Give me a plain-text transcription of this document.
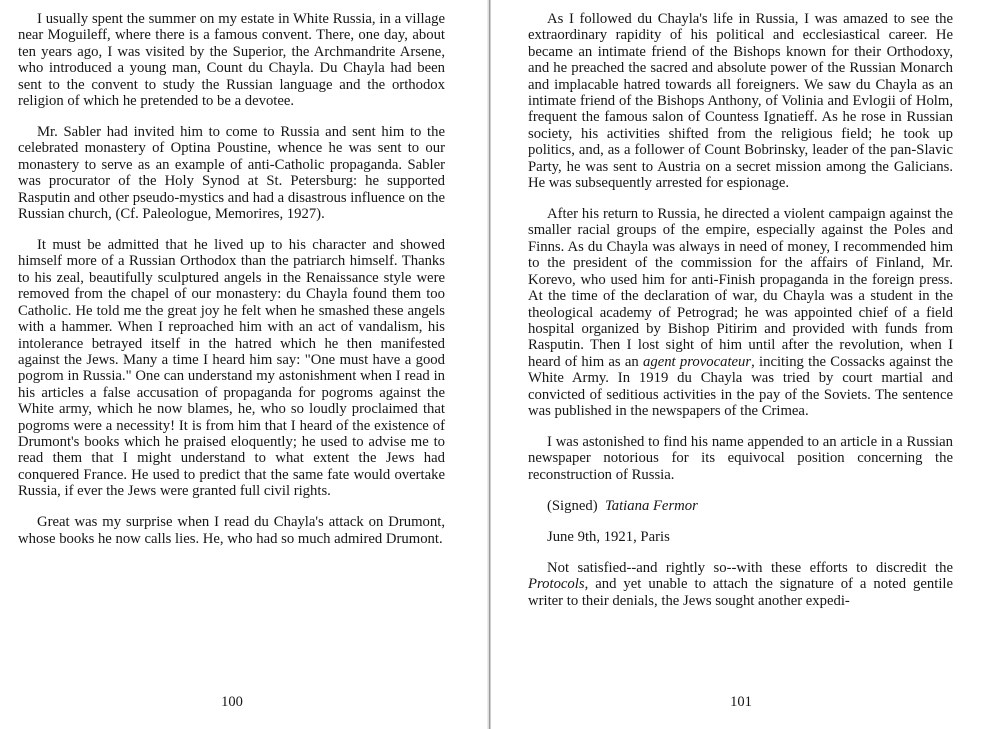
I usually spent the summer on my estate in White Russia, in a village near Moguileff, where there is a famous convent. There, one day, about ten years ago, I was visited by the Superior, the Archmandrite Arsene, who introduced a young man, Count du Chayla. Du Chayla had been sent to the convent to study the Russian language and the orthodox religion of which he pretended to be a devotee.

Mr. Sabler had invited him to come to Russia and sent him to the celebrated monastery of Optina Poustine, whence he was sent to our monastery to serve as an example of anti-Catholic propaganda. Sabler was procurator of the Holy Synod at St. Petersburg: he supported Rasputin and other pseudo-mystics and had a disastrous influence on the Russian church, (Cf. Paleologue, Memorires, 1927).

It must be admitted that he lived up to his character and showed himself more of a Russian Orthodox than the patriarch himself. Thanks to his zeal, beautifully sculptured angels in the Renaissance style were removed from the chapel of our monastery: du Chayla found them too Catholic. He told me the great joy he felt when he smashed these angels with a hammer. When I reproached him with an act of vandalism, his intolerance betrayed itself in the hatred which he then manifested against the Jews. Many a time I heard him say: "One must have a good pogrom in Russia." One can understand my astonishment when I read in his articles a false accusation of propaganda for pogroms against the White army, which he now blames, he, who so loudly proclaimed that pogroms were a necessity! It is from him that I heard of the existence of Drumont's books which he praised eloquently; he used to advise me to read them that I might understand to what extent the Jews had conquered France. He used to predict that the same fate would overtake Russia, if ever the Jews were granted full civil rights.

Great was my surprise when I read du Chayla's attack on Drumont, whose books he now calls lies. He, who had so much admired Drumont.

100

As I followed du Chayla's life in Russia, I was amazed to see the extraordinary rapidity of his political and ecclesiastical career. He became an intimate friend of the Bishops known for their Orthodoxy, and he preached the sacred and absolute power of the Russian Monarch and implacable hatred towards all foreigners. We saw du Chayla as an intimate friend of the Bishops Anthony, of Volinia and Evlogii of Holm, frequent the famous salon of Countess Ignatieff. As he rose in Russian society, his activities shifted from the religious field; he took up politics, and, as a follower of Count Bobrinsky, leader of the pan-Slavic Party, he was sent to Austria on a secret mission among the Galicians. He was subsequently arrested for espionage.

After his return to Russia, he directed a violent campaign against the smaller racial groups of the empire, especially against the Poles and Finns. As du Chayla was always in need of money, I recommended him to the president of the commission for the affairs of Finland, Mr. Korevo, who used him for anti-Finish propaganda in the foreign press. At the time of the declaration of war, du Chayla was a student in the theological academy of Petrograd; he was appointed chief of a field hospital organized by Bishop Pitirim and provided with funds from Rasputin. Then I lost sight of him until after the revolution, when I heard of him as an agent provocateur, inciting the Cossacks against the White Army. In 1919 du Chayla was tried by court martial and convicted of seditious activities in the pay of the Soviets. The sentence was published in the newspapers of the Crimea.

I was astonished to find his name appended to an article in a Russian newspaper notorious for its equivocal position concerning the reconstruction of Russia.

(Signed) Tatiana Fermor

June 9th, 1921, Paris

Not satisfied--and rightly so--with these efforts to discredit the Protocols, and yet unable to attach the signature of a noted gentile writer to their denials, the Jews sought another expedi-

101
